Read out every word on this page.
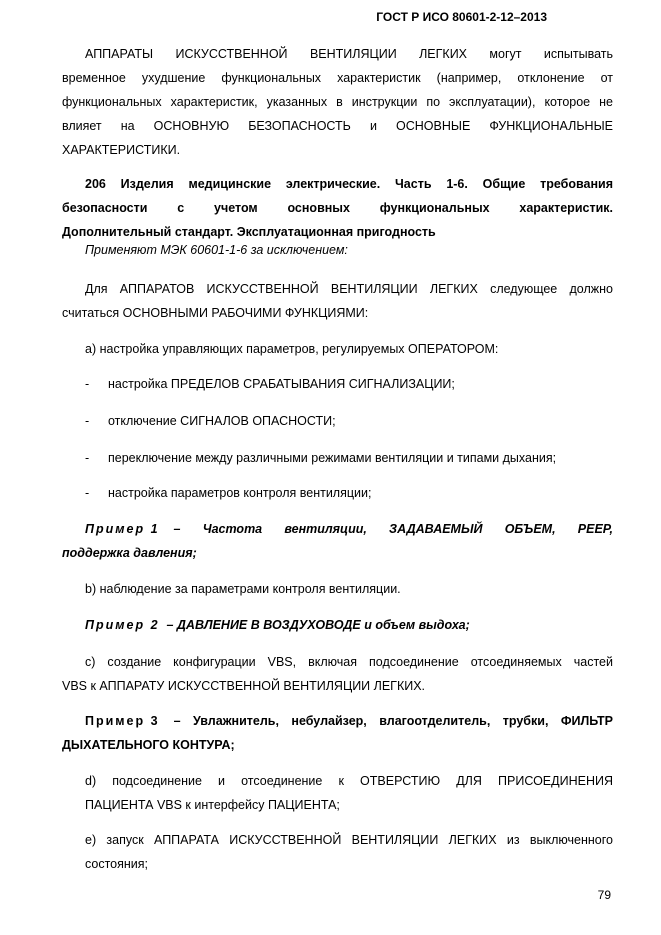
ГОСТ Р ИСО 80601-2-12–2013
АППАРАТЫ ИСКУССТВЕННОЙ ВЕНТИЛЯЦИИ ЛЕГКИХ могут испытывать
временное ухудшение функциональных характеристик (например, отклонение от
функциональных характеристик, указанных в инструкции по эксплуатации), которое не
влияет на ОСНОВНУЮ БЕЗОПАСНОСТЬ и ОСНОВНЫЕ ФУНКЦИОНАЛЬНЫЕ
ХАРАКТЕРИСТИКИ.
206 Изделия медицинские электрические. Часть 1-6. Общие требования
безопасности с учетом основных функциональных характеристик.
Дополнительный стандарт. Эксплуатационная пригодность
Применяют МЭК 60601-1-6 за исключением:
Для АППАРАТОВ ИСКУССТВЕННОЙ ВЕНТИЛЯЦИИ ЛЕГКИХ следующее должно
считаться ОСНОВНЫМИ РАБОЧИМИ ФУНКЦИЯМИ:
a) настройка управляющих параметров, регулируемых ОПЕРАТОРОМ:
- настройка ПРЕДЕЛОВ СРАБАТЫВАНИЯ СИГНАЛИЗАЦИИ;
- отключение СИГНАЛОВ ОПАСНОСТИ;
- переключение между различными режимами вентиляции и типами дыхания;
- настройка параметров контроля вентиляции;
Пример 1 – Частота вентиляции, ЗАДАВАЕМЫЙ ОБЪЕМ, PEEP,
поддержка давления;
b) наблюдение за параметрами контроля вентиляции.
Пример 2 – ДАВЛЕНИЕ В ВОЗДУХОВОДЕ и объем выдоха;
c) создание конфигурации VBS, включая подсоединение отсоединяемых частей
VBS к АППАРАТУ ИСКУССТВЕННОЙ ВЕНТИЛЯЦИИ ЛЕГКИХ.
Пример 3 – Увлажнитель, небулайзер, влагоотделитель, трубки, ФИЛЬТР
ДЫХАТЕЛЬНОГО КОНТУРА;
d) подсоединение и отсоединение к ОТВЕРСТИЮ ДЛЯ ПРИСОЕДИНЕНИЯ
ПАЦИЕНТА VBS к интерфейсу ПАЦИЕНТА;
e) запуск АППАРАТА ИСКУССТВЕННОЙ ВЕНТИЛЯЦИИ ЛЕГКИХ из выключенного
состояния;
79
